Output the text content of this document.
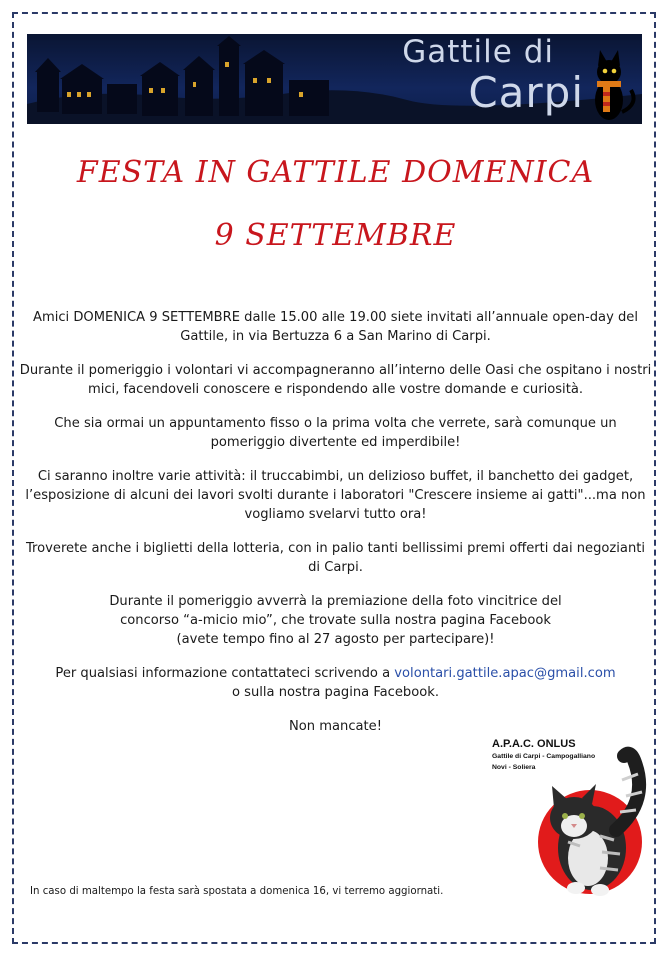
Gattile di
Carpi
FESTA IN GATTILE DOMENICA
9 SETTEMBRE

Amici DOMENICA 9 SETTEMBRE dalle 15.00 alle 19.00 siete invitati all’annuale open-day del Gattile, in via Bertuzza 6 a San Marino di Carpi.

Durante il pomeriggio i volontari vi accompagneranno all’interno delle Oasi che ospitano i nostri mici, facendoveli conoscere e rispondendo alle vostre domande e curiosità.

Che sia ormai un appuntamento fisso o la prima volta che verrete, sarà comunque un pomeriggio divertente ed imperdibile!

Ci saranno inoltre varie attività: il truccabimbi, un delizioso buffet, il banchetto dei gadget, l’esposizione di alcuni dei lavori svolti durante i laboratori "Crescere insieme ai gatti"...ma non vogliamo svelarvi tutto ora!

Troverete anche i biglietti della lotteria, con in palio tanti bellissimi premi offerti dai negozianti di Carpi.

Durante il pomeriggio avverrà la premiazione della foto vincitrice del
concorso “a-micio mio”, che trovate sulla nostra pagina Facebook
(avete tempo fino al 27 agosto per partecipare)!

Per qualsiasi informazione contattateci scrivendo a volontari.gattile.apac@gmail.com
o sulla nostra pagina Facebook.

Non mancate!

A.P.A.C. ONLUS
Gattile di Carpi - Campogalliano
Novi - Soliera
In caso di maltempo la festa sarà spostata a domenica 16, vi terremo aggiornati.
